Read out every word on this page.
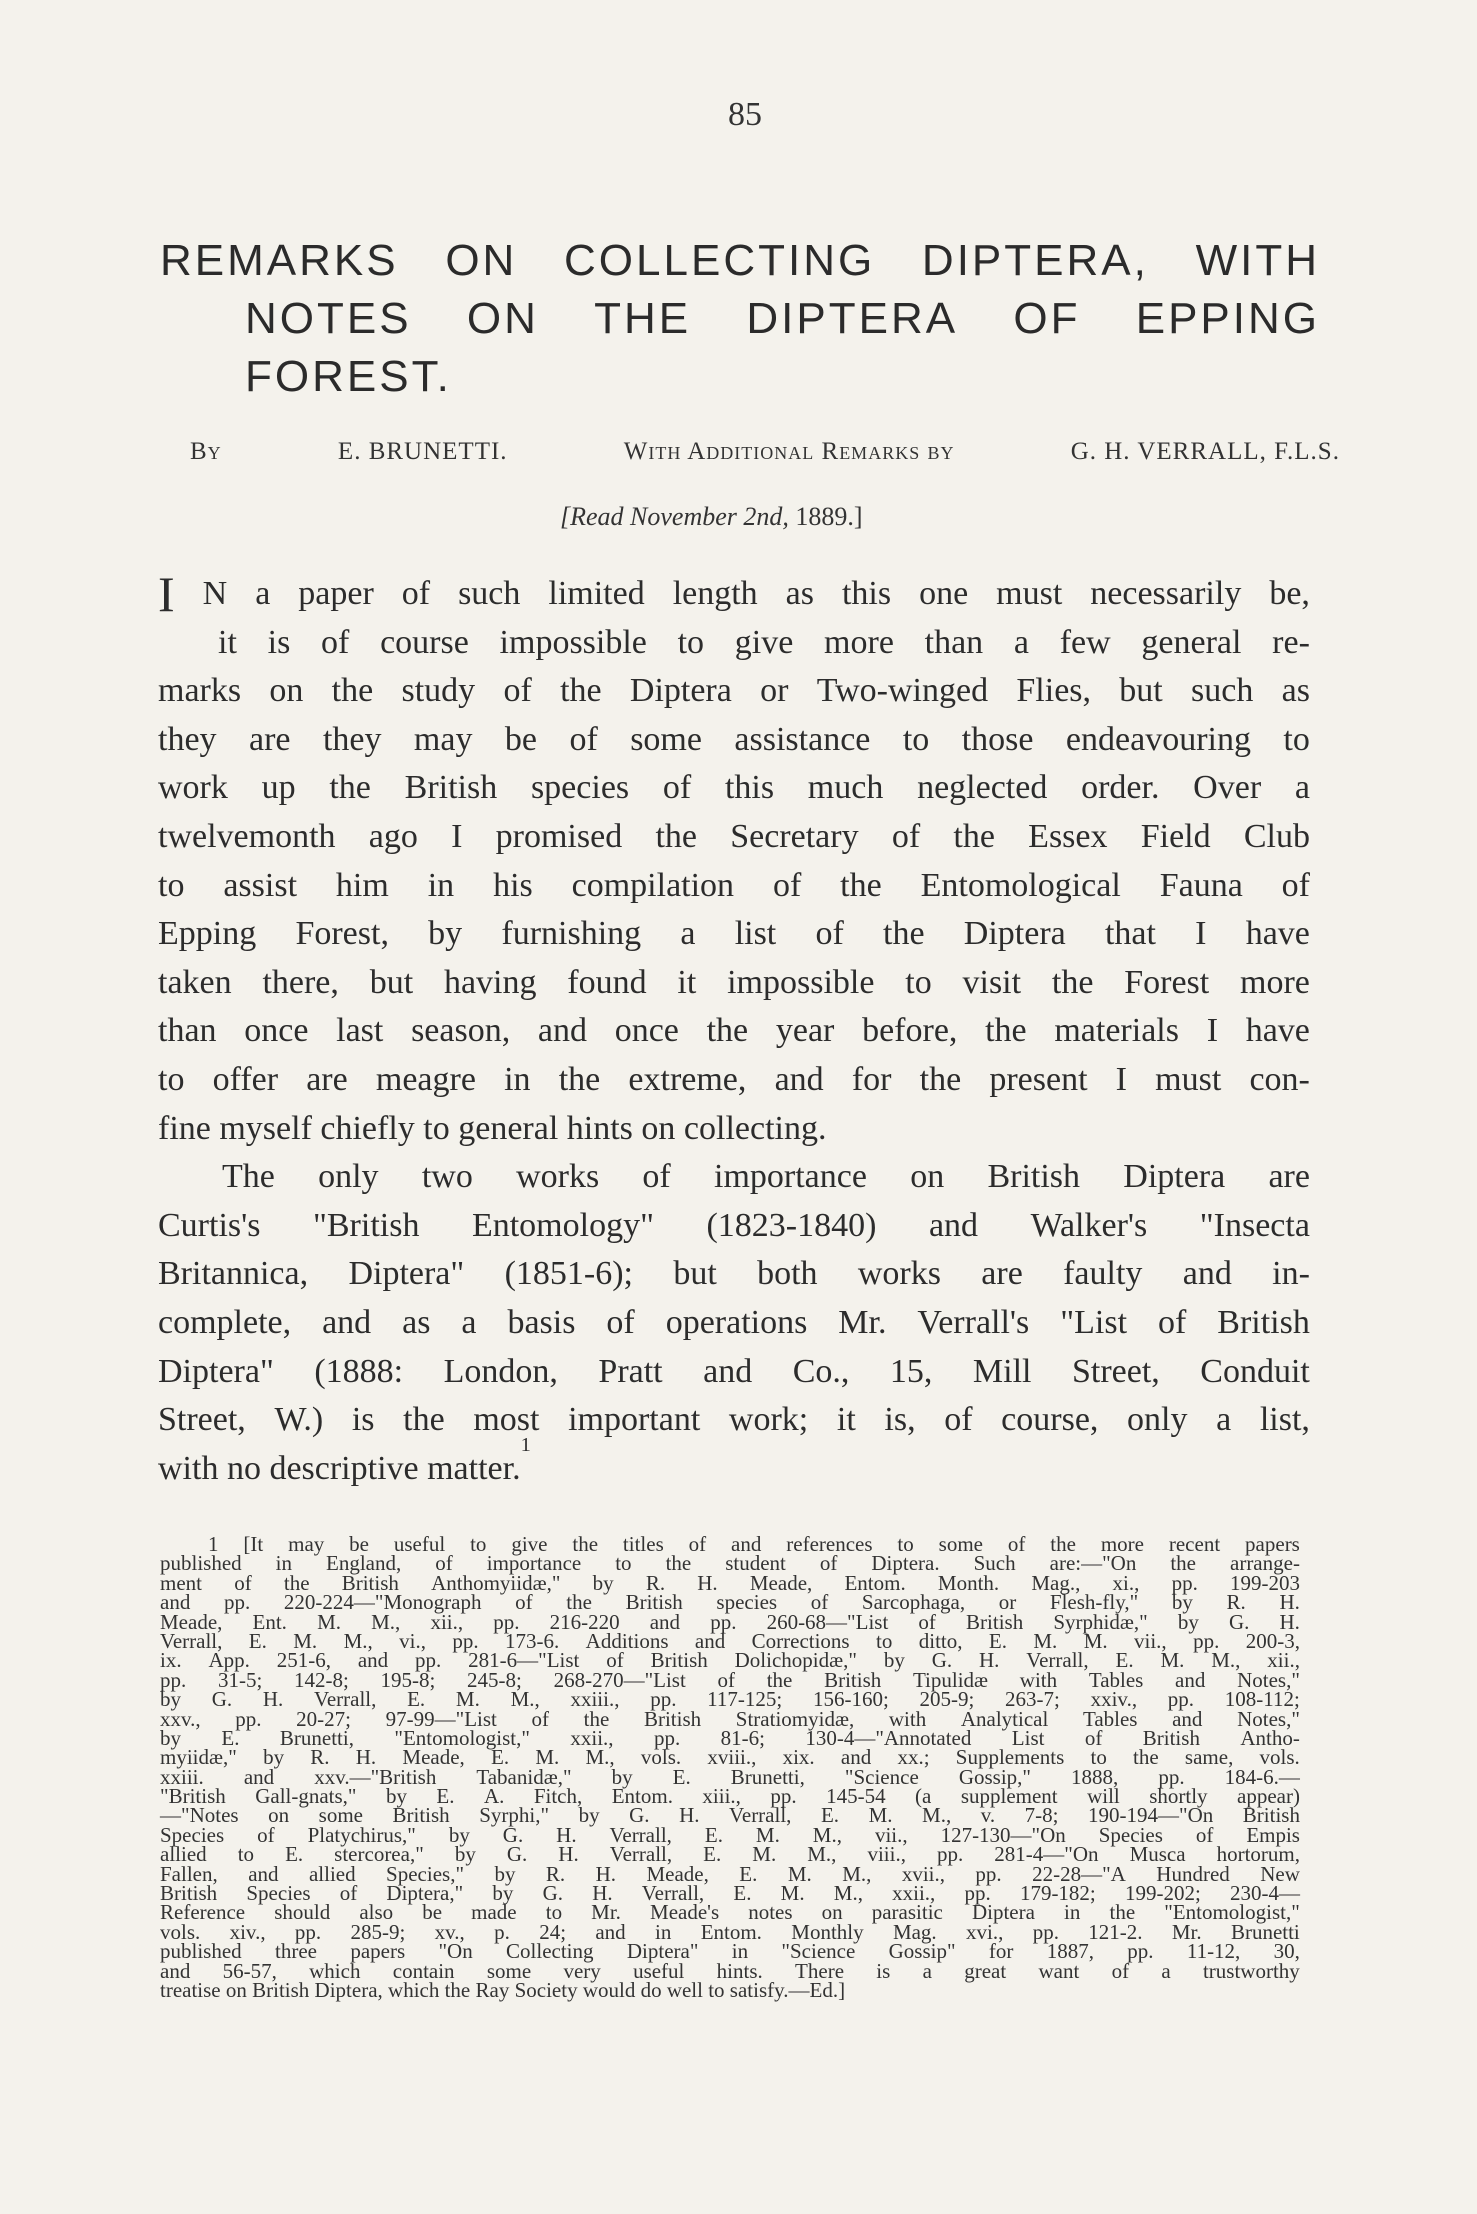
85
REMARKS ON COLLECTING DIPTERA, WITH
NOTES ON THE DIPTERA OF EPPING
FOREST.
By	E. BRUNETTI.	With Additional Remarks by	G. H. VERRALL, F.L.S.
[Read November 2nd, 1889.]
I N a paper of such limited length as this one must necessarily be,
it is of course impossible to give more than a few general re-
marks on the study of the Diptera or Two-winged Flies, but such as
they are they may be of some assistance to those endeavouring to
work up the British species of this much neglected order. Over a
twelvemonth ago I promised the Secretary of the Essex Field Club
to assist him in his compilation of the Entomological Fauna of
Epping Forest, by furnishing a list of the Diptera that I have
taken there, but having found it impossible to visit the Forest more
than once last season, and once the year before, the materials I have
to offer are meagre in the extreme, and for the present I must con-
fine myself chiefly to general hints on collecting.
The only two works of importance on British Diptera are
Curtis's "British Entomology" (1823-1840) and Walker's "Insecta
Britannica, Diptera" (1851-6); but both works are faulty and in-
complete, and as a basis of operations Mr. Verrall's "List of British
Diptera" (1888: London, Pratt and Co., 15, Mill Street, Conduit
Street, W.) is the most important work; it is, of course, only a list,
with no descriptive matter.
1
1 [It may be useful to give the titles of and references to some of the more recent papers
published in England, of importance to the student of Diptera. Such are:—"On the arrange-
ment of the British Anthomyiidæ," by R. H. Meade, Entom. Month. Mag., xi., pp. 199-203
and pp. 220-224—"Monograph of the British species of Sarcophaga, or Flesh-fly," by R. H.
Meade, Ent. M. M., xii., pp. 216-220 and pp. 260-68—"List of British Syrphidæ," by G. H.
Verrall, E. M. M., vi., pp. 173-6. Additions and Corrections to ditto, E. M. M. vii., pp. 200-3,
ix. App. 251-6, and pp. 281-6—"List of British Dolichopidæ," by G. H. Verrall, E. M. M., xii.,
pp. 31-5; 142-8; 195-8; 245-8; 268-270—"List of the British Tipulidæ with Tables and Notes,"
by G. H. Verrall, E. M. M., xxiii., pp. 117-125; 156-160; 205-9; 263-7; xxiv., pp. 108-112;
xxv., pp. 20-27; 97-99—"List of the British Stratiomyidæ, with Analytical Tables and Notes,"
by E. Brunetti, "Entomologist," xxii., pp. 81-6; 130-4—"Annotated List of British Antho-
myiidæ," by R. H. Meade, E. M. M., vols. xviii., xix. and xx.; Supplements to the same, vols.
xxiii. and xxv.—"British Tabanidæ," by E. Brunetti, "Science Gossip," 1888, pp. 184-6.—
"British Gall-gnats," by E. A. Fitch, Entom. xiii., pp. 145-54 (a supplement will shortly appear)
—"Notes on some British Syrphi," by G. H. Verrall, E. M. M., v. 7-8; 190-194—"On British
Species of Platychirus," by G. H. Verrall, E. M. M., vii., 127-130—"On Species of Empis
allied to E. stercorea," by G. H. Verrall, E. M. M., viii., pp. 281-4—"On Musca hortorum,
Fallen, and allied Species," by R. H. Meade, E. M. M., xvii., pp. 22-28—"A Hundred New
British Species of Diptera," by G. H. Verrall, E. M. M., xxii., pp. 179-182; 199-202; 230-4—
Reference should also be made to Mr. Meade's notes on parasitic Diptera in the "Entomologist,"
vols. xiv., pp. 285-9; xv., p. 24; and in Entom. Monthly Mag. xvi., pp. 121-2. Mr. Brunetti
published three papers "On Collecting Diptera" in "Science Gossip" for 1887, pp. 11-12, 30,
and 56-57, which contain some very useful hints. There is a great want of a trustworthy
treatise on British Diptera, which the Ray Society would do well to satisfy.—Ed.]
